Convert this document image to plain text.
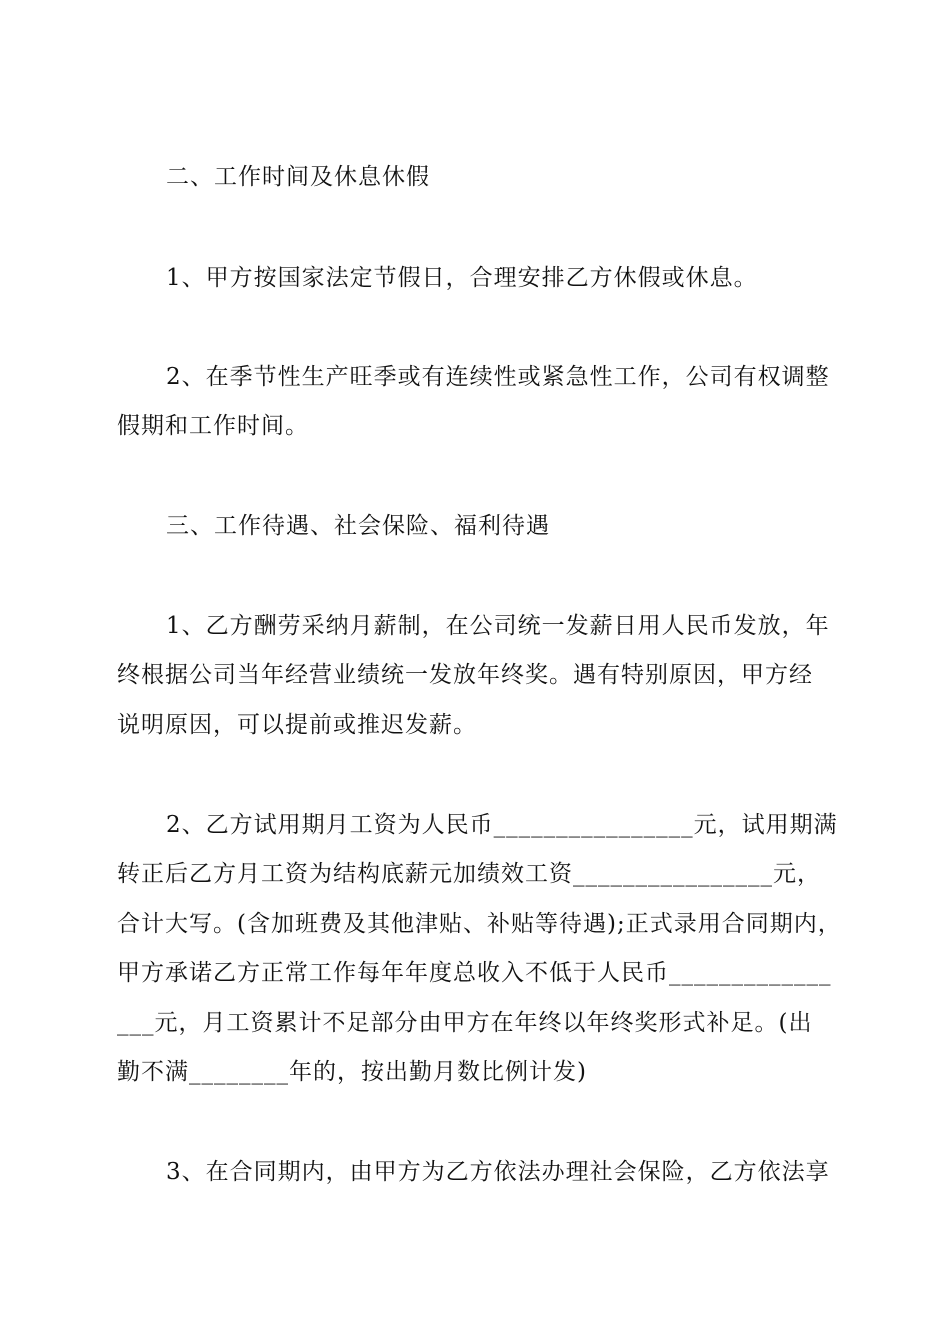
二、工作时间及休息休假
1、甲方按国家法定节假日，合理安排乙方休假或休息。
2、在季节性生产旺季或有连续性或紧急性工作，公司有权调整
假期和工作时间。
三、工作待遇、社会保险、福利待遇
1、乙方酬劳采纳月薪制，在公司统一发薪日用人民币发放，年
终根据公司当年经营业绩统一发放年终奖。遇有特别原因，甲方经
说明原因，可以提前或推迟发薪。
2、乙方试用期月工资为人民币________________元，试用期满
转正后乙方月工资为结构底薪元加绩效工资________________元，
合计大写。(含加班费及其他津贴、补贴等待遇);正式录用合同期内，
甲方承诺乙方正常工作每年年度总收入不低于人民币_____________
___元，月工资累计不足部分由甲方在年终以年终奖形式补足。(出
勤不满________年的，按出勤月数比例计发)
3、在合同期内，由甲方为乙方依法办理社会保险，乙方依法享
